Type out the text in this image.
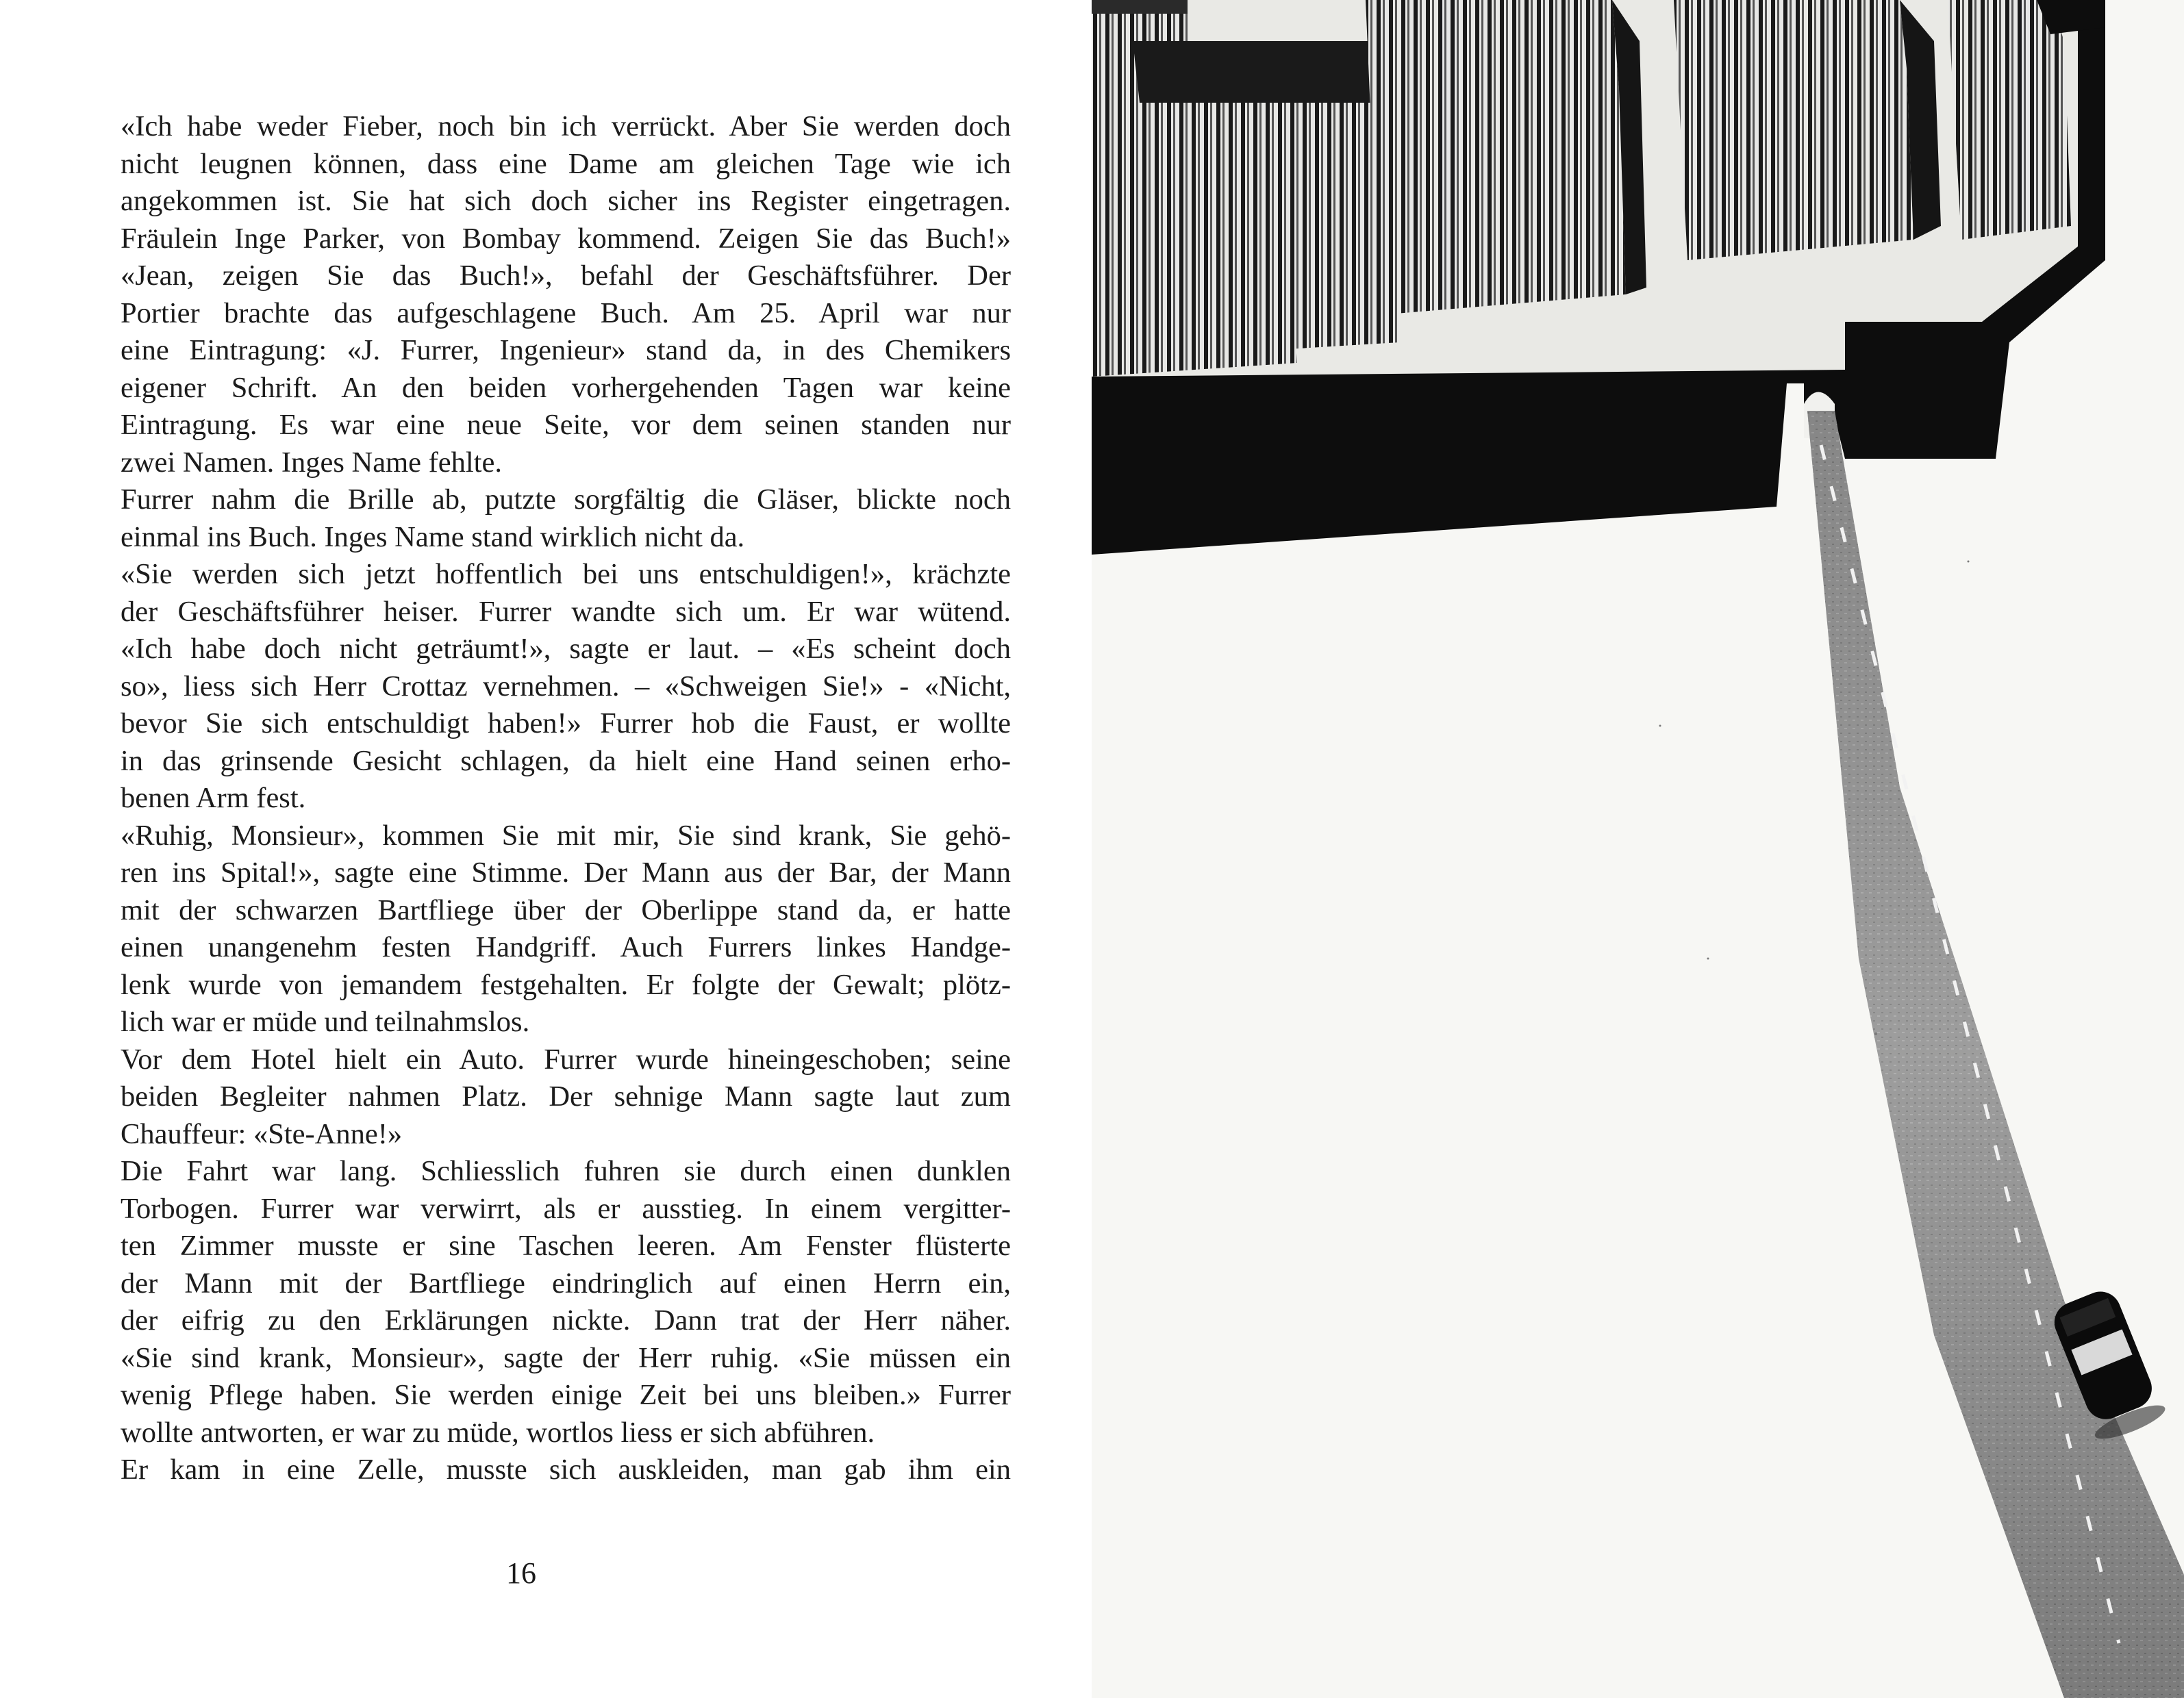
«Ich habe weder Fieber, noch bin ich verrückt. Aber Sie werden doch
nicht leugnen können, dass eine Dame am gleichen Tage wie ich
angekommen ist. Sie hat sich doch sicher ins Register eingetragen.
Fräulein Inge Parker, von Bombay kommend. Zeigen Sie das Buch!»
«Jean, zeigen Sie das Buch!», befahl der Geschäftsführer. Der
Portier brachte das aufgeschlagene Buch. Am 25. April war nur
eine Eintragung: «J. Furrer, Ingenieur» stand da, in des Chemikers
eigener Schrift. An den beiden vorhergehenden Tagen war keine
Eintragung. Es war eine neue Seite, vor dem seinen standen nur
zwei Namen. Inges Name fehlte.
Furrer nahm die Brille ab, putzte sorgfältig die Gläser, blickte noch
einmal ins Buch. Inges Name stand wirklich nicht da.
«Sie werden sich jetzt hoffentlich bei uns entschuldigen!», krächzte
der Geschäftsführer heiser. Furrer wandte sich um. Er war wütend.
«Ich habe doch nicht geträumt!», sagte er laut. – «Es scheint doch
so», liess sich Herr Crottaz vernehmen. – «Schweigen Sie!» - «Nicht,
bevor Sie sich entschuldigt haben!» Furrer hob die Faust, er wollte
in das grinsende Gesicht schlagen, da hielt eine Hand seinen erho-
benen Arm fest.
«Ruhig, Monsieur», kommen Sie mit mir, Sie sind krank, Sie gehö-
ren ins Spital!», sagte eine Stimme. Der Mann aus der Bar, der Mann
mit der schwarzen Bartfliege über der Oberlippe stand da, er hatte
einen unangenehm festen Handgriff. Auch Furrers linkes Handge-
lenk wurde von jemandem festgehalten. Er folgte der Gewalt; plötz-
lich war er müde und teilnahmslos.
Vor dem Hotel hielt ein Auto. Furrer wurde hineingeschoben; seine
beiden Begleiter nahmen Platz. Der sehnige Mann sagte laut zum
Chauffeur: «Ste-Anne!»
Die Fahrt war lang. Schliesslich fuhren sie durch einen dunklen
Torbogen. Furrer war verwirrt, als er ausstieg. In einem vergitter-
ten Zimmer musste er sine Taschen leeren. Am Fenster flüsterte
der Mann mit der Bartfliege eindringlich auf einen Herrn ein,
der eifrig zu den Erklärungen nickte. Dann trat der Herr näher.
«Sie sind krank, Monsieur», sagte der Herr ruhig. «Sie müssen ein
wenig Pflege haben. Sie werden einige Zeit bei uns bleiben.» Furrer
wollte antworten, er war zu müde, wortlos liess er sich abführen.
Er kam in eine Zelle, musste sich auskleiden, man gab ihm ein
16
